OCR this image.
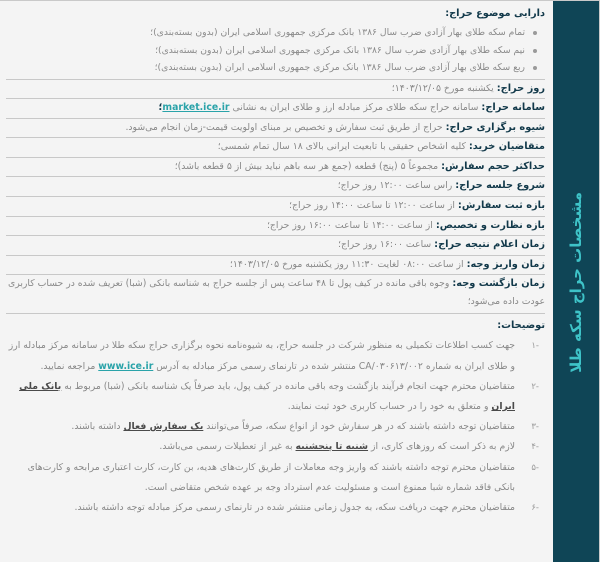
مشخصات حراج سکه طلا
دارایی موضوع حراج:
تمام سکه طلای بهار آزادی ضرب سال ۱۳۸۶ بانک مرکزی جمهوری اسلامی ایران (بدون بسته‌بندی)؛
نیم سکه طلای بهار آزادی ضرب سال ۱۳۸۶ بانک مرکزی جمهوری اسلامی ایران (بدون بسته‌بندی)؛
ربع سکه طلای بهار آزادی ضرب سال ۱۳۸۶ بانک مرکزی جمهوری اسلامی ایران (بدون بسته‌بندی)؛
روز حراج: یکشنبه مورخ ۱۴۰۳/۱۲/۰۵؛
سامانه حراج: سامانه حراج سکه طلای مرکز مبادله ارز و طلای ایران به نشانی market.ice.ir؛
شیوه برگزاری حراج: حراج از طریق ثبت سفارش و تخصیص بر مبنای اولویت قیمت-زمان انجام می‌شود.
متقاضیان خرید: کلیه اشخاص حقیقی با تابعیت ایرانی بالای ۱۸ سال تمام شمسی؛
حداکثر حجم سفارش: مجموعاً ۵ (پنج) قطعه (جمع هر سه باهم نباید بیش از ۵ قطعه باشد)؛
شروع جلسه حراج: راس ساعت ۱۲:۰۰ روز حراج؛
بازه ثبت سفارش: از ساعت ۱۲:۰۰ تا ساعت ۱۴:۰۰ روز حراج؛
بازه نظارت و تخصیص: از ساعت ۱۴:۰۰ تا ساعت ۱۶:۰۰ روز حراج؛
زمان اعلام نتیجه حراج: ساعت ۱۶:۰۰ روز حراج؛
زمان واریز وجه: از ساعت ۰۸:۰۰ لغایت ۱۱:۳۰ روز یکشنبه مورخ ۱۴۰۳/۱۲/۰۵؛
زمان بازگشت وجه: وجوه باقی مانده در کیف پول تا ۴۸ ساعت پس از جلسه حراج به شناسه بانکی (شبا) تعریف شده در حساب کاربری عودت داده می‌شود؛
توضیحات:
-۱
جهت کسب اطلاعات تکمیلی به منظور شرکت در جلسه حراج، به شیوه‌نامه نحوه برگزاری حراج سکه طلا در سامانه مرکز مبادله ارز و طلای ایران به شماره CA/۰۳۰۶۱۳/۰۰۲ منتشر شده در تارنمای رسمی مرکز مبادله به آدرس www.ice.ir مراجعه نمایید.
-۲
متقاضیان محترم جهت انجام فرآیند بازگشت وجه باقی مانده در کیف پول، باید صرفاً یک شناسه بانکی (شبا) مربوط به بانک ملی ایران و متعلق به خود را در حساب کاربری خود ثبت نمایند.
-۳
متقاضیان توجه داشته باشند که در هر سفارش خود از انواع سکه، صرفاً می‌توانند یک سفارش فعال داشته باشند.
-۴
لازم به ذکر است که روزهای کاری، از شنبه تا پنجشنبه به غیر از تعطیلات رسمی می‌باشد.
-۵
متقاضیان محترم توجه داشته باشند که واریز وجه معاملات از طریق کارت‌های هدیه، بن کارت، کارت اعتباری مرابحه و کارت‌های بانکی فاقد شماره شبا ممنوع است و مسئولیت عدم استرداد وجه بر عهده شخص متقاضی است.
-۶
متقاضیان محترم جهت دریافت سکه، به جدول زمانی منتشر شده در تارنمای رسمی مرکز مبادله توجه داشته باشند.
